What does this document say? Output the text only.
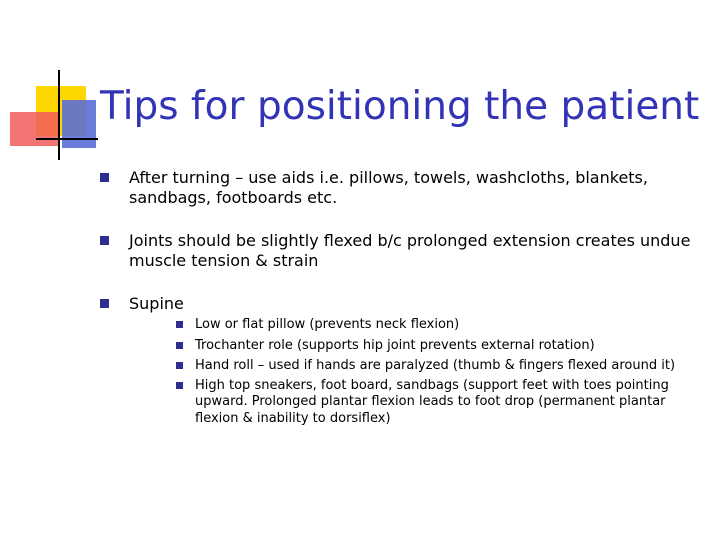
Tips for positioning the patient
After turning – use aids i.e. pillows, towels, washcloths, blankets, sandbags, footboards etc.
Joints should be slightly flexed b/c prolonged extension creates undue muscle tension & strain
Supine
Low or flat pillow (prevents neck flexion)
Trochanter role (supports hip joint prevents external rotation)
Hand roll – used if hands are paralyzed (thumb & fingers flexed around it)
High top sneakers, foot board, sandbags (support feet with toes pointing upward. Prolonged plantar flexion leads to foot drop (permanent plantar flexion & inability to dorsiflex)
